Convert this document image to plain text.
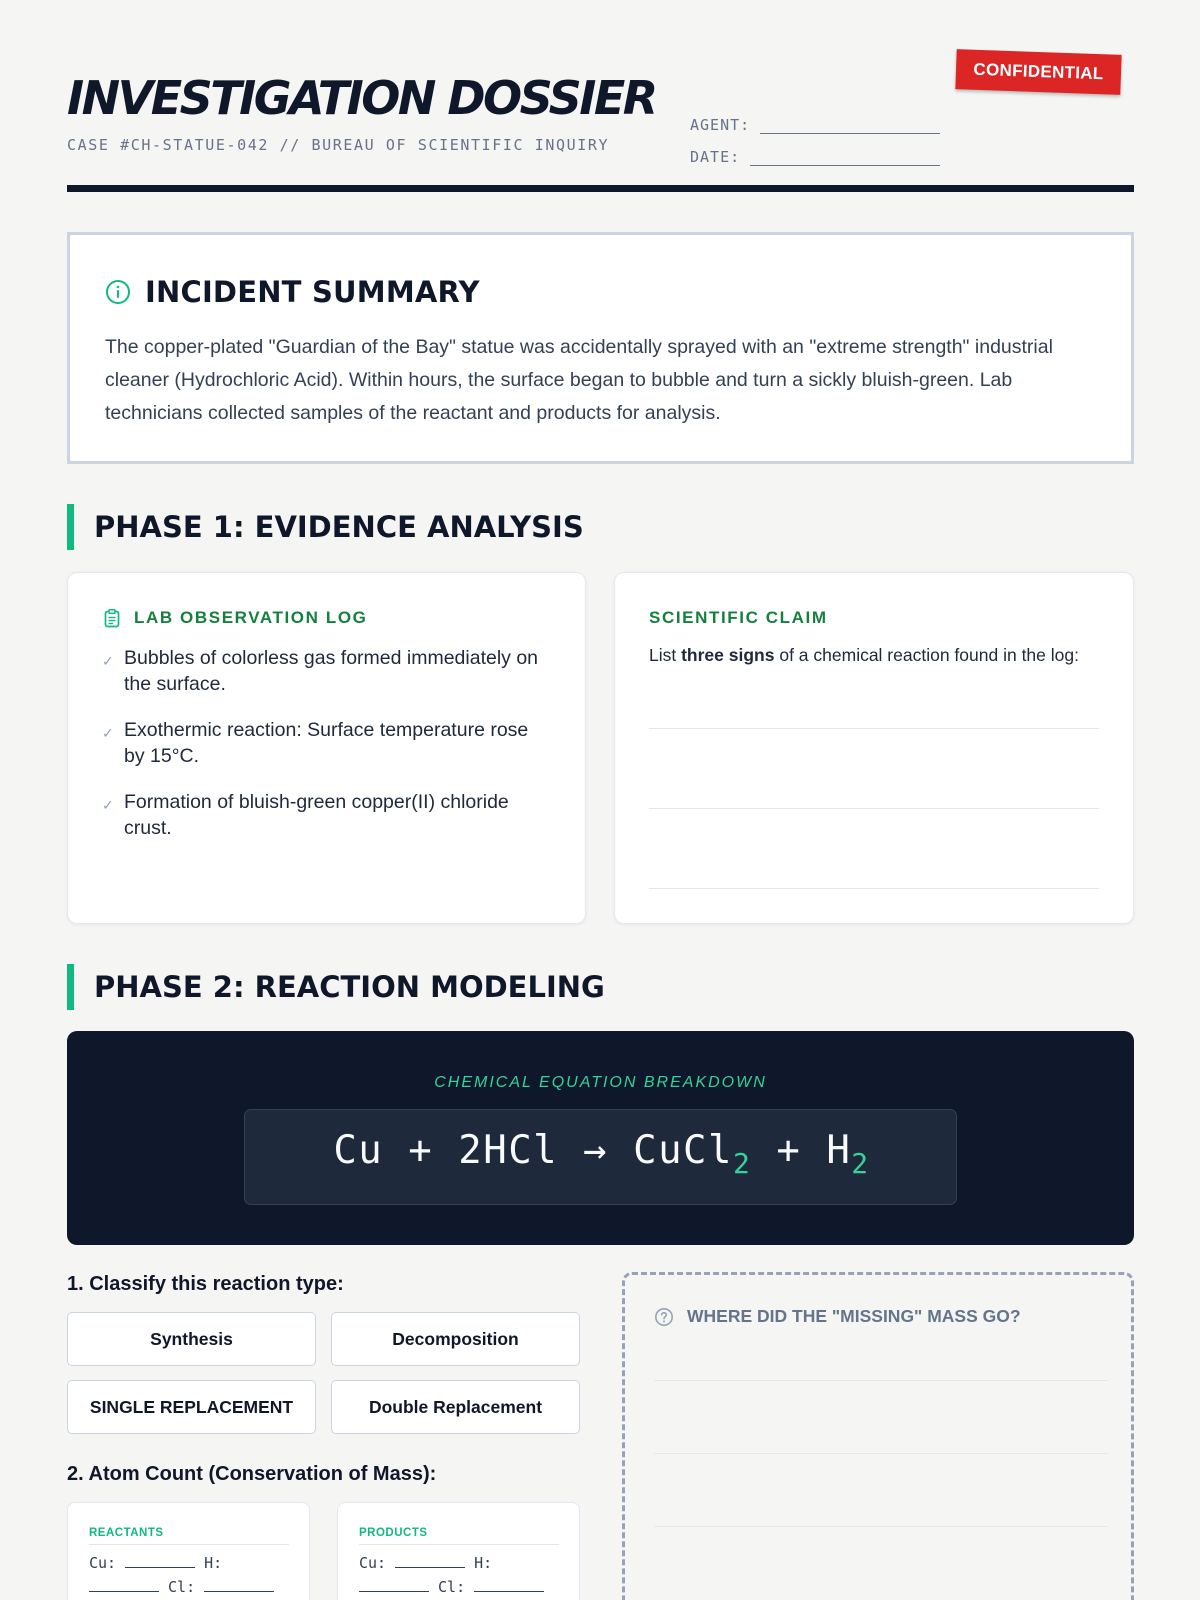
INVESTIGATION DOSSIER
CASE #CH-STATUE-042 // BUREAU OF SCIENTIFIC INQUIRY
AGENT:
DATE:
CONFIDENTIAL
INCIDENT SUMMARY

The copper-plated "Guardian of the Bay" statue was accidentally sprayed with an "extreme strength" industrial cleaner (Hydrochloric Acid). Within hours, the surface began to bubble and turn a sickly bluish-green. Lab technicians collected samples of the reactant and products for analysis.

PHASE 1: EVIDENCE ANALYSIS
LAB OBSERVATION LOG
✓ Bubbles of colorless gas formed immediately on the surface.
✓ Exothermic reaction: Surface temperature rose by 15°C.
✓ Formation of bluish-green copper(II) chloride crust.
SCIENTIFIC CLAIM
List three signs of a chemical reaction found in the log:
PHASE 2: REACTION MODELING
CHEMICAL EQUATION BREAKDOWN
Cu + 2HCl → CuCl$_2$ + $H_2$
1. Classify this reaction type:
Synthesis	Decomposition
SINGLE REPLACEMENT	Double Replacement
2. Atom Count (Conservation of Mass):
REACTANTS
Cu:	H:
Cl:
PRODUCTS
Cu:	H:
Cl:
WHERE DID THE "MISSING" MASS GO?
